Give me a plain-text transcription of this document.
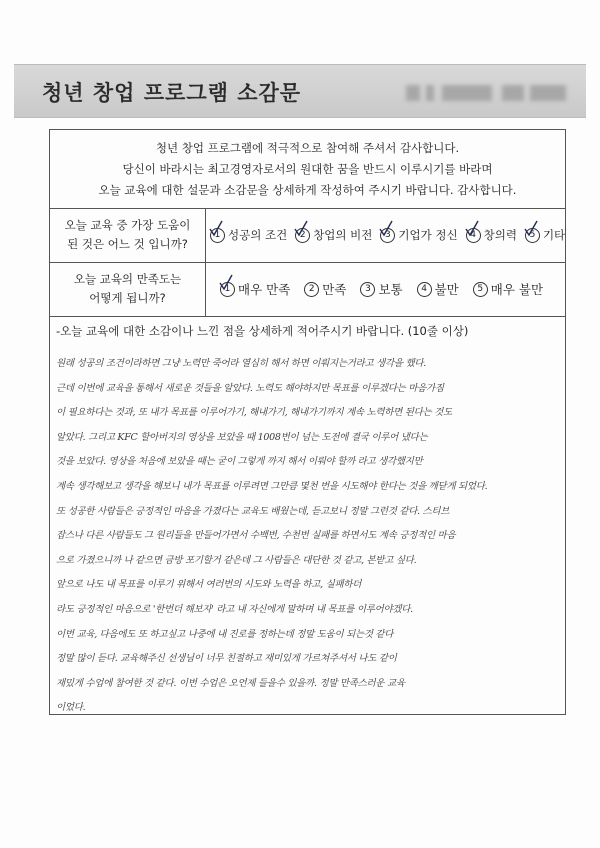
청년 창업 프로그램 소감문
청년 창업 프로그램에 적극적으로 참여해 주셔서 감사합니다.
당신이 바라시는 최고경영자로서의 원대한 꿈을 반드시 이루시기를 바라며
오늘 교육에 대한 설문과 소감문을 상세하게 작성하여 주시기 바랍니다. 감사합니다.
오늘 교육 중 가장 도움이
된 것은 어느 것 입니까?
1 성공의 조건	2 창업의 비전	3 기업가 정신	4 창의력	5 기타
오늘 교육의 만족도는
어떻게 됩니까?
1 매우 만족	2 만족	3 보통	4 불만	5 매우 불만
-오늘 교육에 대한 소감이나 느낀 점을 상세하게 적어주시기 바랍니다. (10줄 이상)
원래 성공의 조건이라하면 그냥 노력만 죽어라 열심히 해서 하면 이뤄지는거라고 생각을 했다.
근데 이번에 교육을 통해서 새로운 것들을 알았다. 노력도 해야하지만 목표를 이루겠다는 마음가짐
이 필요하다는 것과, 또 내가 목표를 이루어가기, 해내가기, 해내가기까지 계속 노력하면 된다는 것도
알았다. 그리고 KFC 할아버지의 영상을 보았을 때 1008번이 넘는 도전에 결국 이루어 냈다는
것을 보았다. 영상을 처음에 보았을 때는 굳이 그렇게 까지 해서 이뤄야 할까 라고 생각했지만
계속 생각해보고 생각을 해보니 내가 목표를 이루려면 그만큼 몇천 번을 시도해야 한다는 것을 깨닫게 되었다.
또 성공한 사람들은 긍정적인 마음을 가졌다는 교육도 배웠는데, 듣고보니 정말 그런것 같다. 스티브
잡스나 다른 사람들도 그 원리들을 만들어가면서 수백번, 수천번 실패를 하면서도 계속 긍정적인 마음
으로 가졌으니까 나 같으면 금방 포기할거 같은데 그 사람들은 대단한 것 같고, 본받고 싶다.
앞으로 나도 내 목표를 이루기 위해서 여러번의 시도와 노력을 하고, 실패하더
라도 긍정적인 마음으로 '한번더 해보자' 라고 내 자신에게 말하며 내 목표를 이루어야겠다.
이번 교육, 다음에도 또 하고싶고 나중에 내 진로를 정하는데 정말 도움이 되는것 같다
정말 많이 듣다. 교육해주신 선생님이 너무 친절하고 재미있게 가르쳐주셔서 나도 같이
재밌게 수업에 참여한 것 같다. 이번 수업은 오언제 들을수 있을까. 정말 만족스러운 교육
이었다.
